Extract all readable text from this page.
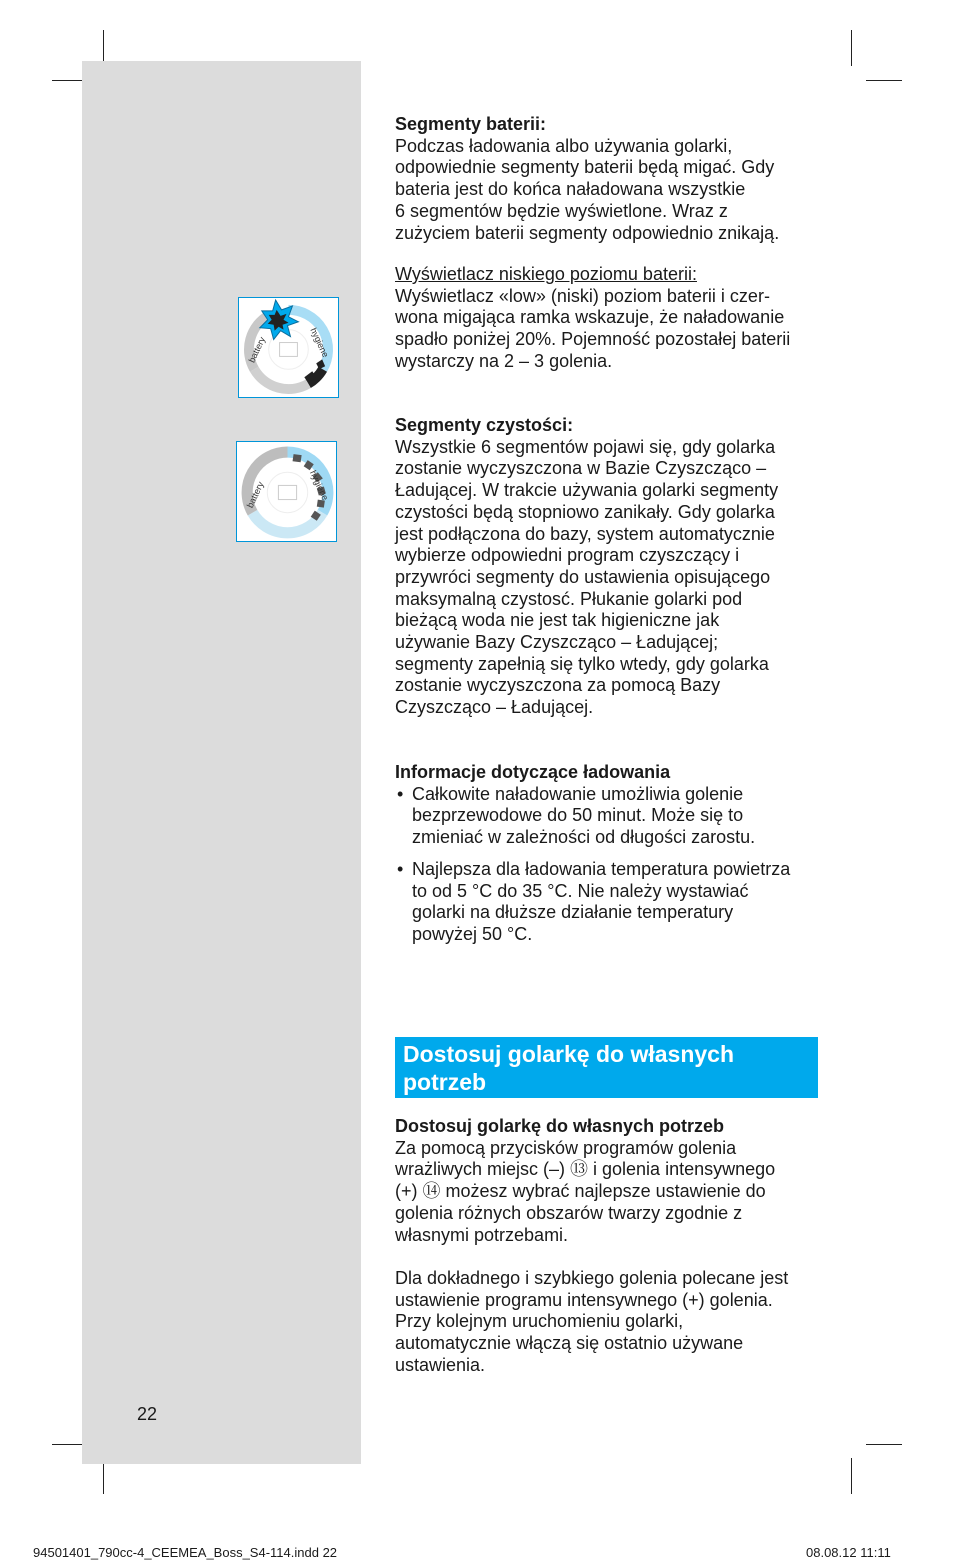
battery	hygiene
battery	hygiene

Segmenty baterii:

Podczas ładowania albo używania golarki,

odpowiednie segmenty baterii będą migać. Gdy

bateria jest do końca naładowana wszystkie

6 segmentów będzie wyświetlone. Wraz z

zużyciem baterii segmenty odpowiednio znikają.

Wyświetlacz niskiego poziomu baterii:

Wyświetlacz «low» (niski) poziom baterii i czer-

wona migająca ramka wskazuje, że naładowanie

spadło poniżej 20%. Pojemność pozostałej baterii

wystarczy na 2 – 3 golenia.

Segmenty czystości:

Wszystkie 6 segmentów pojawi się, gdy golarka

zostanie wyczyszczona w Bazie Czyszcząco –

Ładującej. W trakcie używania golarki segmenty

czystości będą stopniowo zanikały. Gdy golarka

jest podłączona do bazy, system automatycznie

wybierze odpowiedni program czyszczący i

przywróci segmenty do ustawienia opisującego

maksymalną czystosć. Płukanie golarki pod

bieżącą woda nie jest tak higieniczne jak

używanie Bazy Czyszcząco – Ładującej;

segmenty zapełnią się tylko wtedy, gdy golarka

zostanie wyczyszczona za pomocą Bazy

Czyszcząco – Ładującej.

Informacje dotyczące ładowania

• Całkowite naładowanie umożliwia golenie

bezprzewodowe do 50 minut. Może się to

zmieniać w zależności od długości zarostu.

• Najlepsza dla ładowania temperatura powietrza

to od 5 °C do 35 °C. Nie należy wystawiać

golarki na dłuższe działanie temperatury

powyżej 50 °C.

Dostosuj golarkę do własnych
potrzeb

Dostosuj golarkę do własnych potrzeb

Za pomocą przycisków programów golenia

wrażliwych miejsc (–) ⑬ i golenia intensywnego

(+) ⑭ możesz wybrać najlepsze ustawienie do

golenia różnych obszarów twarzy zgodnie z

własnymi potrzebami.

Dla dokładnego i szybkiego golenia polecane jest

ustawienie programu intensywnego (+) golenia.

Przy kolejnym uruchomieniu golarki,

automatycznie włączą się ostatnio używane

ustawienia.

22
94501401_790cc-4_CEEMEA_Boss_S4-114.indd 22	08.08.12 11:11
